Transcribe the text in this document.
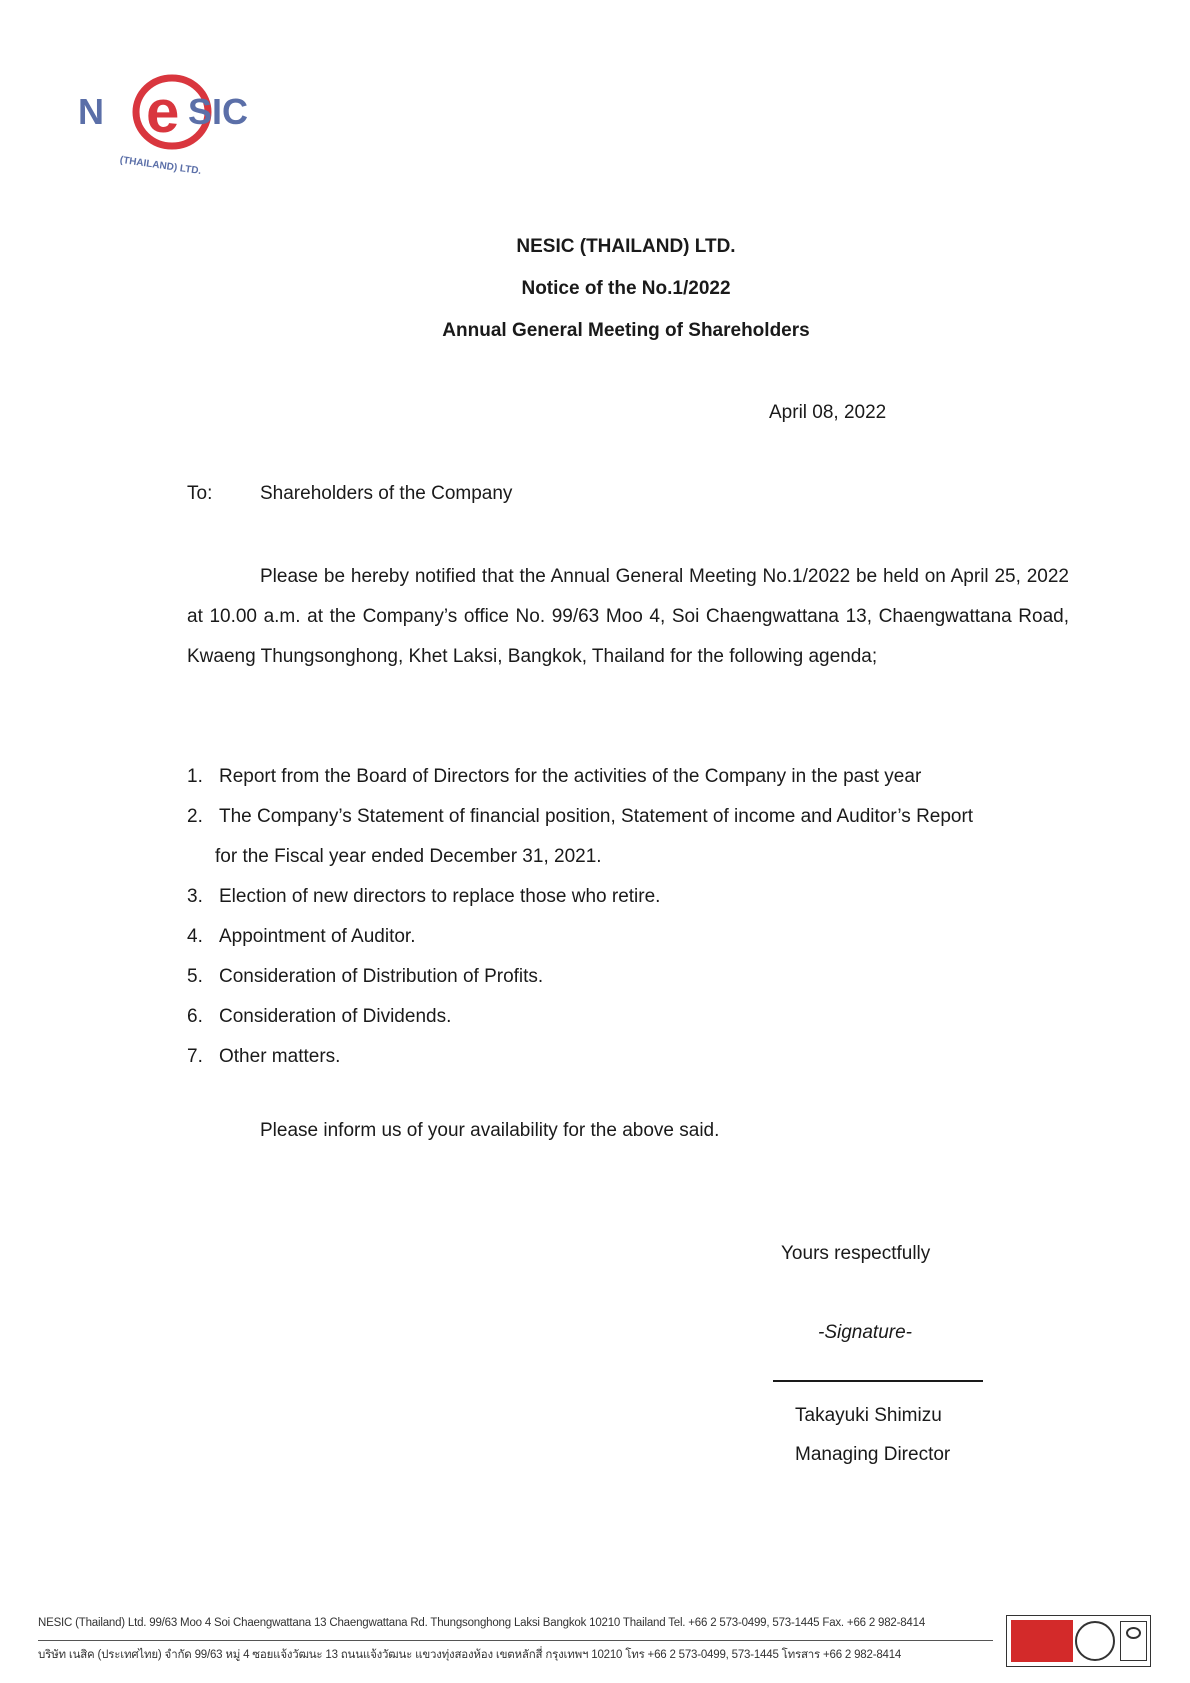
N e SIC
(THAILAND) LTD.
NESIC (THAILAND) LTD.
Notice of the No.1/2022
Annual General Meeting of Shareholders
April 08, 2022
To:	Shareholders of the Company

Please be hereby notified that the Annual General Meeting No.1/2022 be held on April 25, 2022 at 10.00 a.m. at the Company’s office No. 99/63 Moo 4, Soi Chaengwattana 13, Chaengwattana Road, Kwaeng Thungsonghong, Khet Laksi, Bangkok, Thailand for the following agenda;

1. Report from the Board of Directors for the activities of the Company in the past year
2. The Company’s Statement of financial position, Statement of income and Auditor’s Report
for the Fiscal year ended December 31, 2021.
3. Election of new directors to replace those who retire.
4. Appointment of Auditor.
5. Consideration of Distribution of Profits.
6. Consideration of Dividends.
7. Other matters.
Please inform us of your availability for the above said.
Yours respectfully
-Signature-
Takayuki Shimizu
Managing Director
NESIC (Thailand) Ltd. 99/63 Moo 4 Soi Chaengwattana 13 Chaengwattana Rd. Thungsonghong Laksi Bangkok 10210 Thailand Tel. +66 2 573-0499, 573-1445 Fax. +66 2 982-8414
บริษัท เนสิค (ประเทศไทย) จำกัด 99/63 หมู่ 4 ซอยแจ้งวัฒนะ 13 ถนนแจ้งวัฒนะ แขวงทุ่งสองห้อง เขตหลักสี่ กรุงเทพฯ 10210 โทร +66 2 573-0499, 573-1445 โทรสาร +66 2 982-8414
